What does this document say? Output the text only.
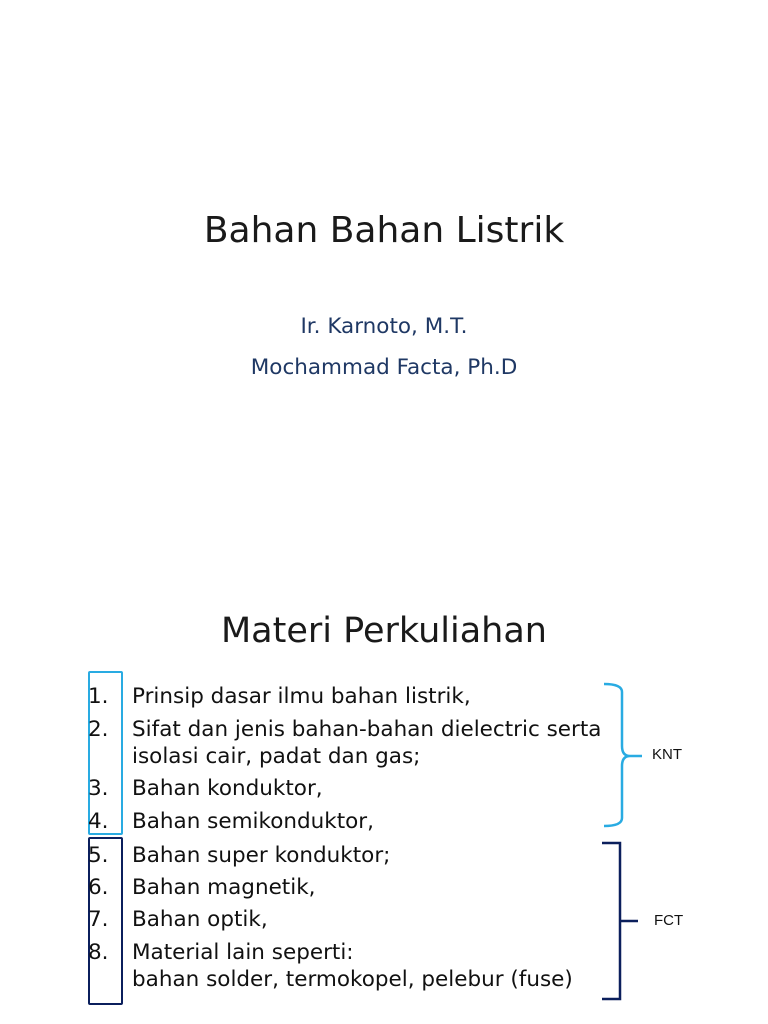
Bahan Bahan Listrik
Ir. Karnoto, M.T.
Mochammad Facta, Ph.D
Materi Perkuliahan
1. Prinsip dasar ilmu bahan listrik,
2. Sifat dan jenis bahan-bahan dielectric serta
isolasi cair, padat dan gas;
3. Bahan konduktor,
4. Bahan semikonduktor,
5. Bahan super konduktor;
6. Bahan magnetik,
7. Bahan optik,
8. Material lain seperti:
bahan solder, termokopel, pelebur (fuse)
KNT
FCT
